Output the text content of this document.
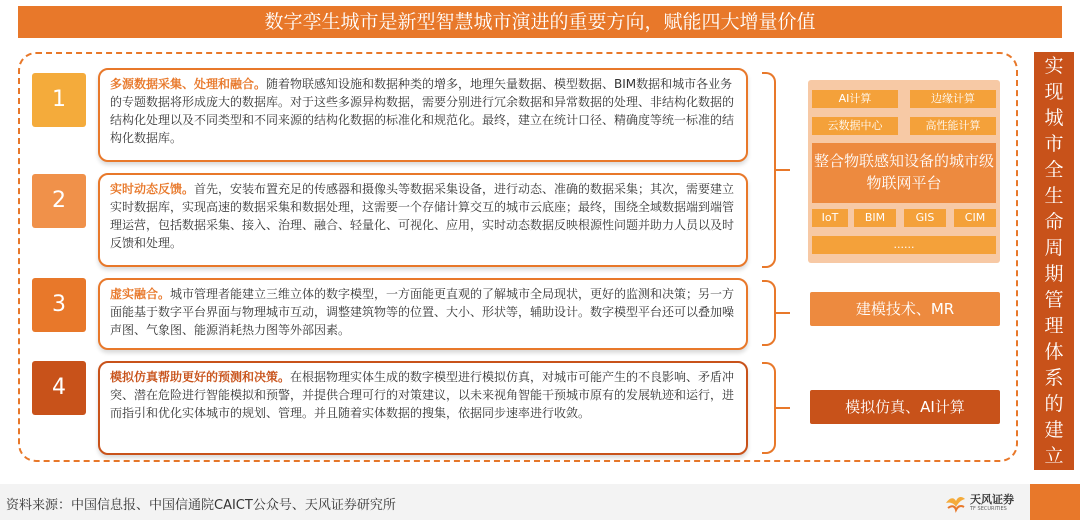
数字孪生城市是新型智慧城市演进的重要方向，赋能四大增量价值
1
2
3
4
多源数据采集、处理和融合。随着物联感知设施和数据种类的增多，地理矢量数据、模型数据、BIM数据和城市各业务的专题数据将形成庞大的数据库。对于这些多源异构数据，需要分别进行冗余数据和异常数据的处理、非结构化数据的结构化处理以及不同类型和不同来源的结构化数据的标准化和规范化。最终，建立在统计口径、精确度等统一标准的结构化数据库。
实时动态反馈。首先，安装布置充足的传感器和摄像头等数据采集设备，进行动态、准确的数据采集；其次，需要建立实时数据库，实现高速的数据采集和数据处理，这需要一个存储计算交互的城市云底座；最终，围绕全域数据端到端管理运营，包括数据采集、接入、治理、融合、轻量化、可视化、应用，实时动态数据反映根源性问题并助力人员以及时反馈和处理。
虚实融合。城市管理者能建立三维立体的数字模型，一方面能更直观的了解城市全局现状，更好的监测和决策；另一方面能基于数字平台界面与物理城市互动，调整建筑物等的位置、大小、形状等，辅助设计。数字模型平台还可以叠加噪声图、气象图、能源消耗热力图等外部因素。
模拟仿真帮助更好的预测和决策。在根据物理实体生成的数字模型进行模拟仿真，对城市可能产生的不良影响、矛盾冲突、潜在危险进行智能模拟和预警，并提供合理可行的对策建议，以未来视角智能干预城市原有的发展轨迹和运行，进而指引和优化实体城市的规划、管理。并且随着实体数据的搜集，依据同步速率进行收敛。
AI计算	边缘计算
云数据中心	高性能计算
整合物联感知设备的城市级物联网平台
IoT	BIM	GIS	CIM
......
建模技术、MR
模拟仿真、AI计算
实现城市全生命周期管理体系的建立
资料来源：中国信息报、中国信通院CAICT公众号、天风证券研究所	天风证券
TF SECURITIES
